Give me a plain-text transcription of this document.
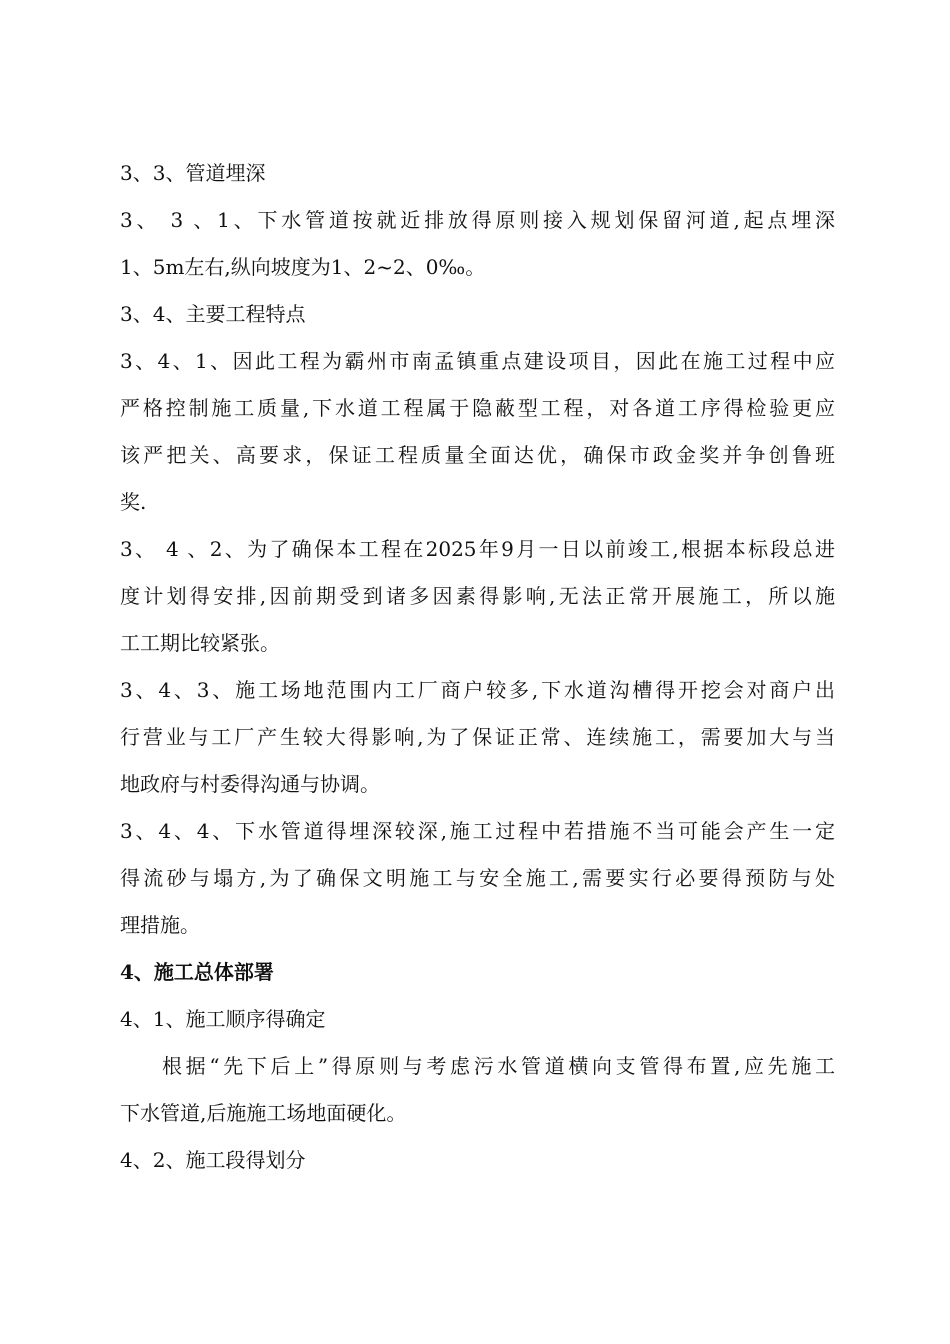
3、3、管道埋深
3、 3 、1、下水管道按就近排放得原则接入规划保留河道,起点埋深
1、5m左右,纵向坡度为1、2~2、0‰。
3、4、主要工程特点
3、4、1、因此工程为霸州市南孟镇重点建设项目，因此在施工过程中应
严格控制施工质量,下水道工程属于隐蔽型工程，对各道工序得检验更应
该严把关、高要求，保证工程质量全面达优，确保市政金奖并争创鲁班
奖.
3、 4 、2、为了确保本工程在2025年9月一日以前竣工,根据本标段总进
度计划得安排,因前期受到诸多因素得影响,无法正常开展施工，所以施
工工期比较紧张。
3、4、3、施工场地范围内工厂商户较多,下水道沟槽得开挖会对商户出
行营业与工厂产生较大得影响,为了保证正常、连续施工，需要加大与当
地政府与村委得沟通与协调。
3、4、4、下水管道得埋深较深,施工过程中若措施不当可能会产生一定
得流砂与塌方,为了确保文明施工与安全施工,需要实行必要得预防与处
理措施。
4、施工总体部署
4、1、施工顺序得确定
根据“先下后上”得原则与考虑污水管道横向支管得布置,应先施工
下水管道,后施施工场地面硬化。
4、2、施工段得划分
